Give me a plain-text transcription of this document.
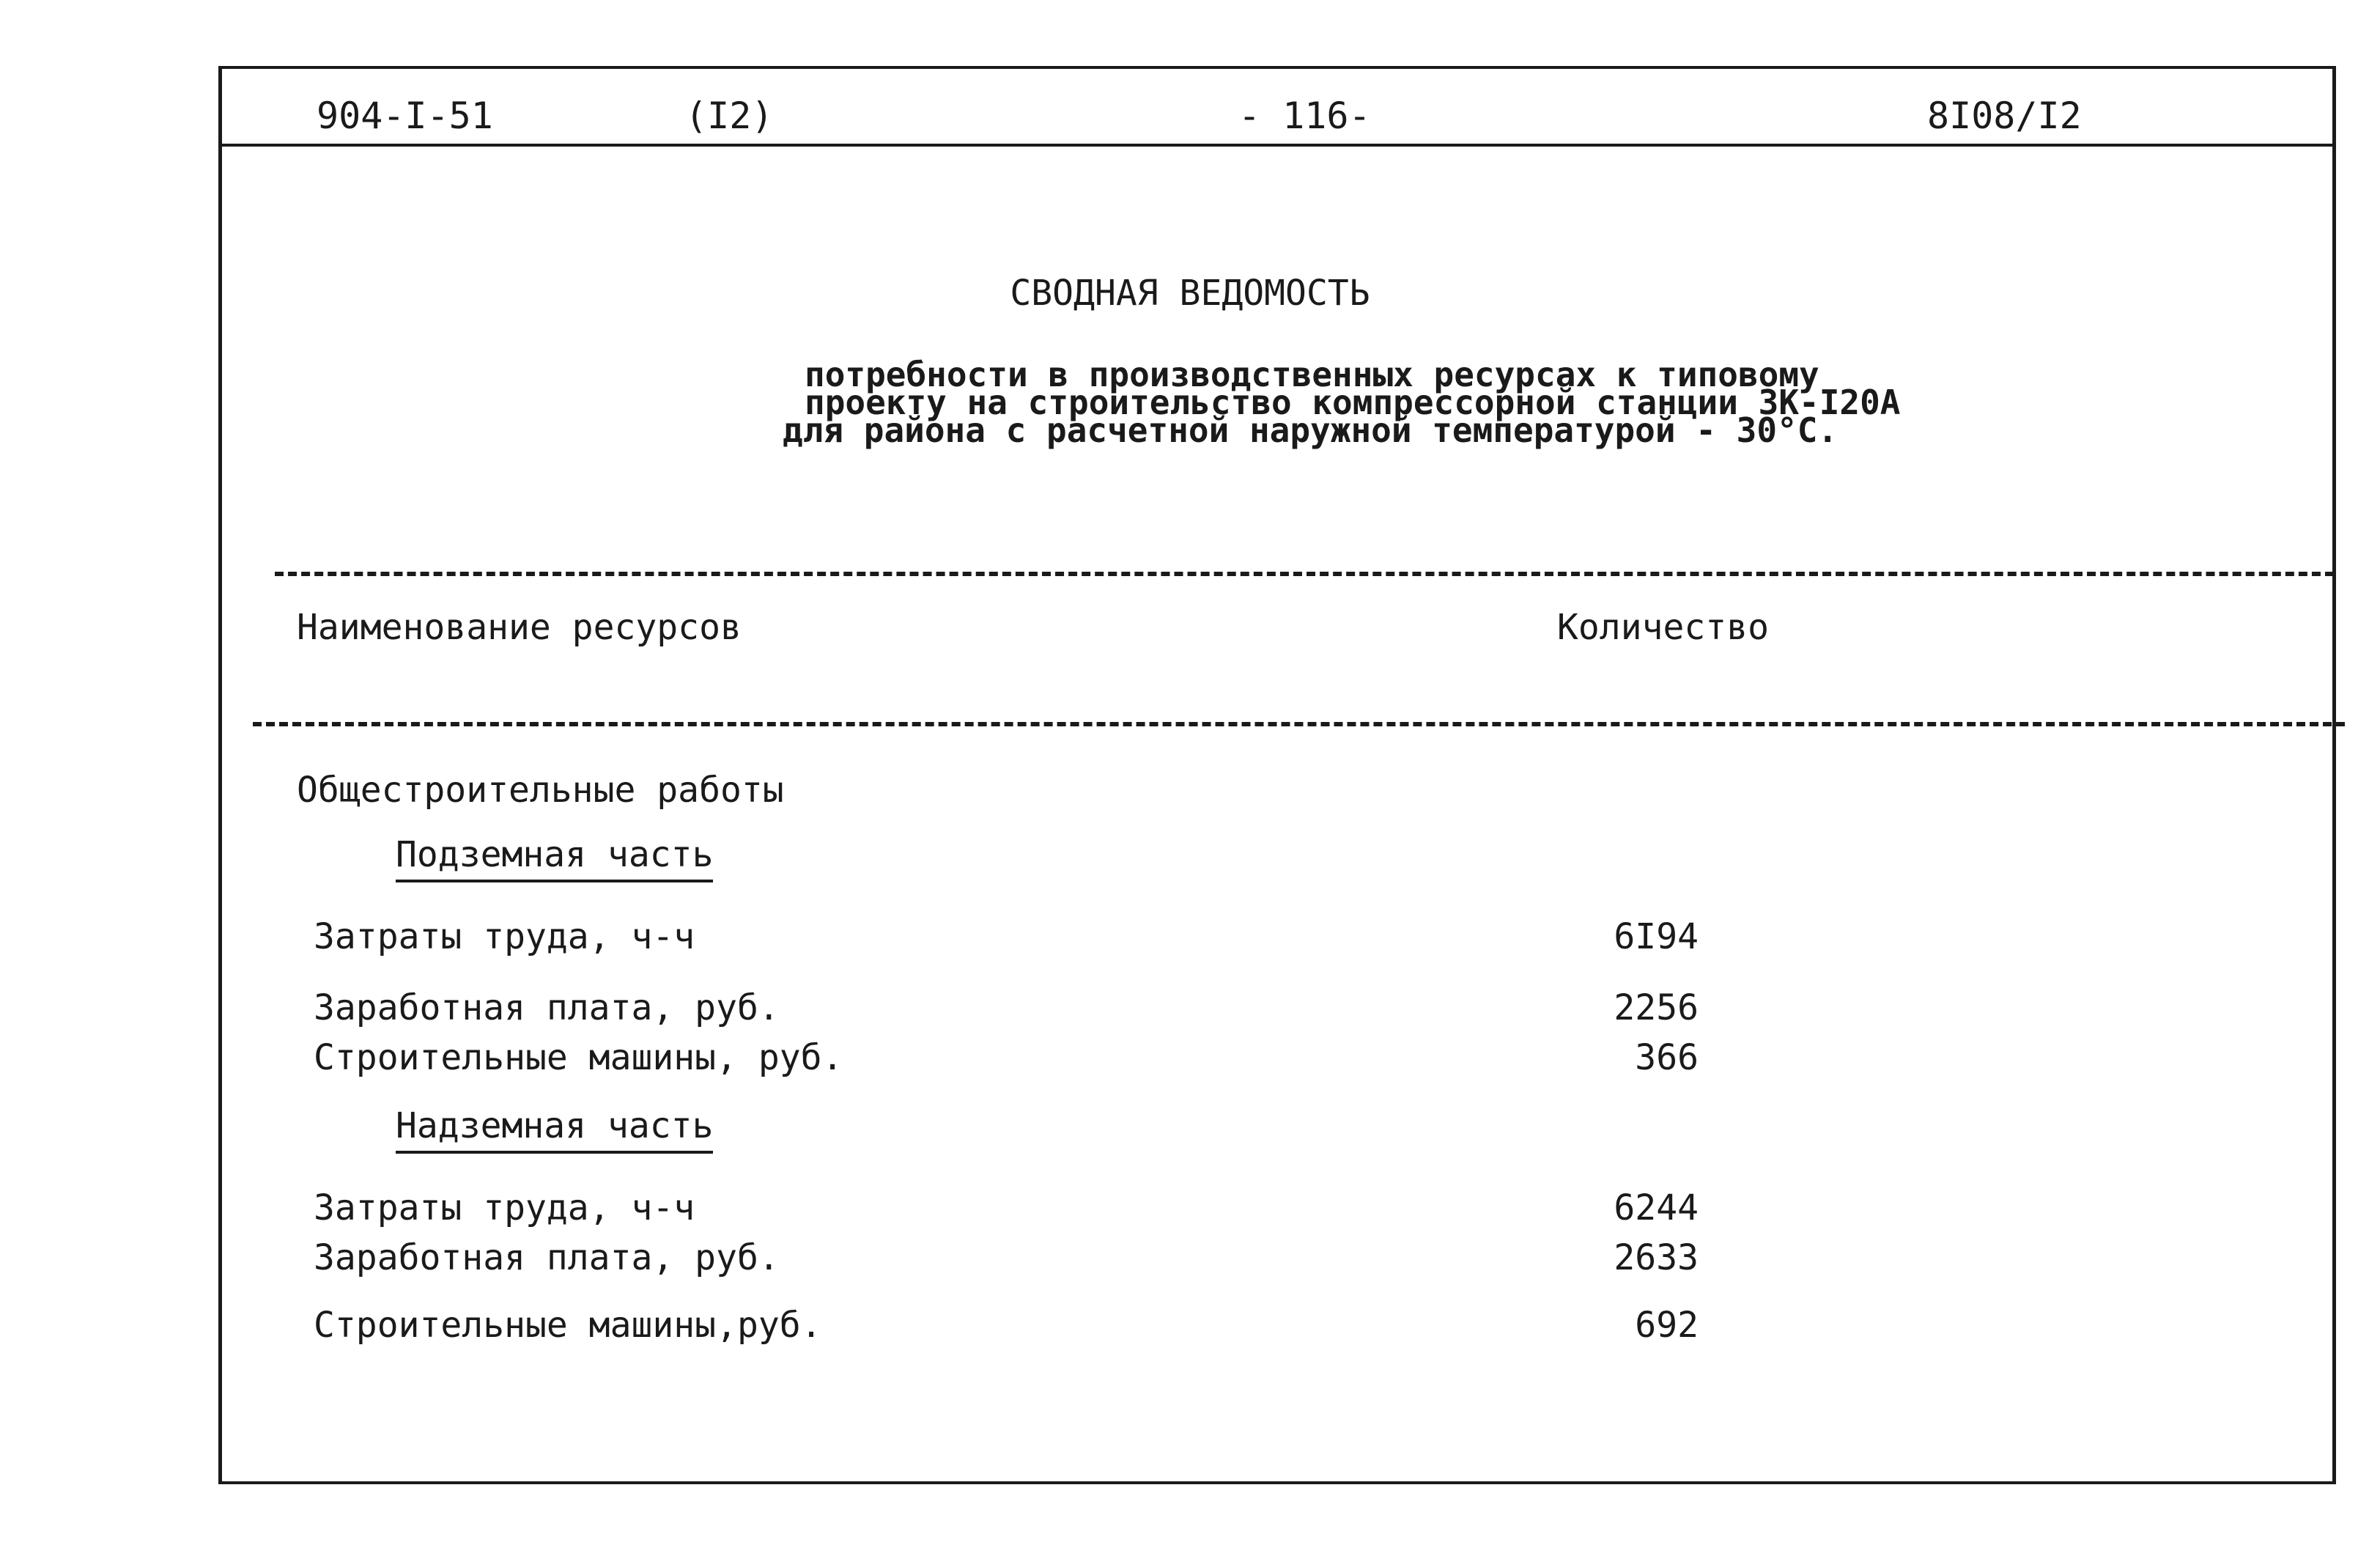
904-I-51	(I2)	- 116-	8I08/I2
СВОДНАЯ ВЕДОМОСТЬ
потребности в производственных ресурсах к типовому
проекту на строительство компрессорной станции 3К-I20А
для района с расчетной наружной температурой - 30°С.
Наименование ресурсов	Количество
Общестроительные работы
Подземная часть
Затраты труда, ч-ч	6I94
Заработная плата, руб.	2256
Строительные машины, руб.	366
Надземная часть
Затраты труда, ч-ч	6244
Заработная плата, руб.	2633
Строительные машины,руб.	692
